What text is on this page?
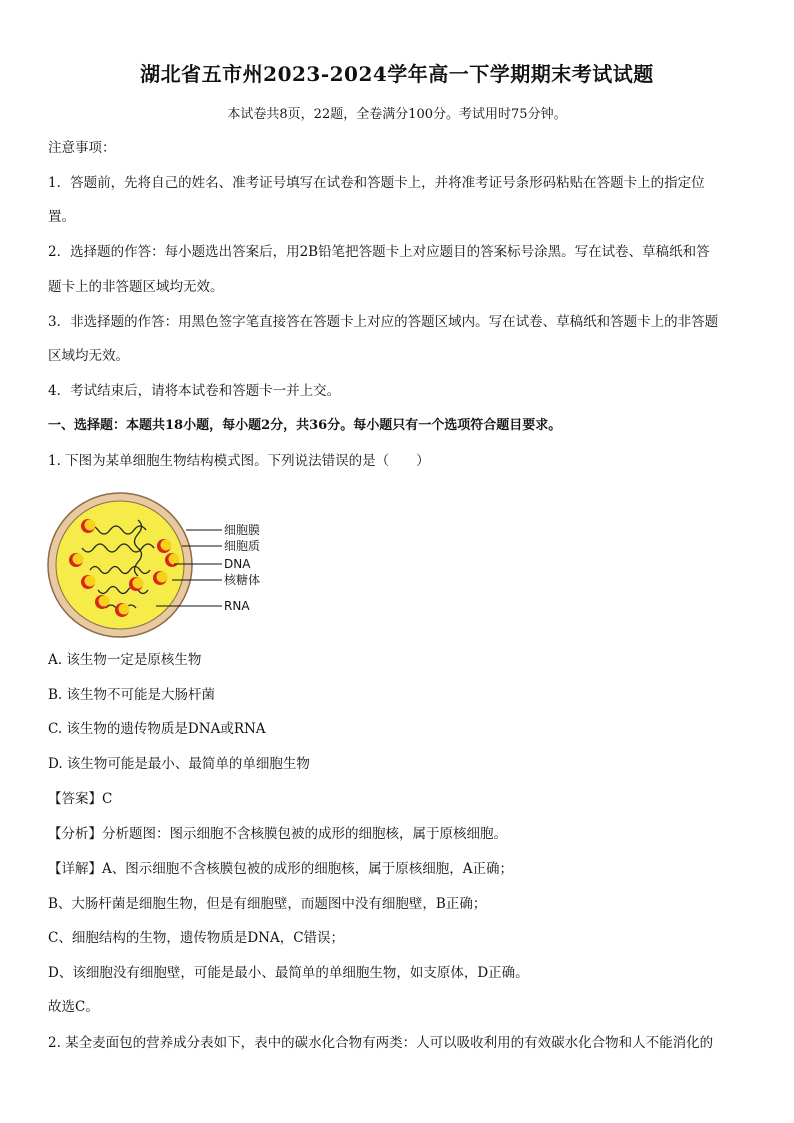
湖北省五市州2023-2024学年高一下学期期末考试试题
本试卷共8页，22题，全卷满分100分。考试用时75分钟。
注意事项：
1．答题前，先将自己的姓名、准考证号填写在试卷和答题卡上，并将准考证号条形码粘贴在答题卡上的指定位
置。
2．选择题的作答：每小题选出答案后，用2B铅笔把答题卡上对应题目的答案标号涂黑。写在试卷、草稿纸和答
题卡上的非答题区域均无效。
3．非选择题的作答：用黑色签字笔直接答在答题卡上对应的答题区域内。写在试卷、草稿纸和答题卡上的非答题
区域均无效。
4．考试结束后，请将本试卷和答题卡一并上交。
一、选择题：本题共18小题，每小题2分，共36分。每小题只有一个选项符合题目要求。
1. 下图为某单细胞生物结构模式图。下列说法错误的是（　　）
细胞膜
细胞质
DNA
核糖体
RNA
A. 该生物一定是原核生物
B. 该生物不可能是大肠杆菌
C. 该生物的遗传物质是DNA或RNA
D. 该生物可能是最小、最简单的单细胞生物
【答案】C
【分析】分析题图：图示细胞不含核膜包被的成形的细胞核，属于原核细胞。
【详解】A、图示细胞不含核膜包被的成形的细胞核，属于原核细胞，A正确；
B、大肠杆菌是细胞生物，但是有细胞壁，而题图中没有细胞壁，B正确；
C、细胞结构的生物，遗传物质是DNA，C错误；
D、该细胞没有细胞壁，可能是最小、最简单的单细胞生物，如支原体，D正确。
故选C。
2. 某全麦面包的营养成分表如下，表中的碳水化合物有两类：人可以吸收利用的有效碳水化合物和人不能消化的
